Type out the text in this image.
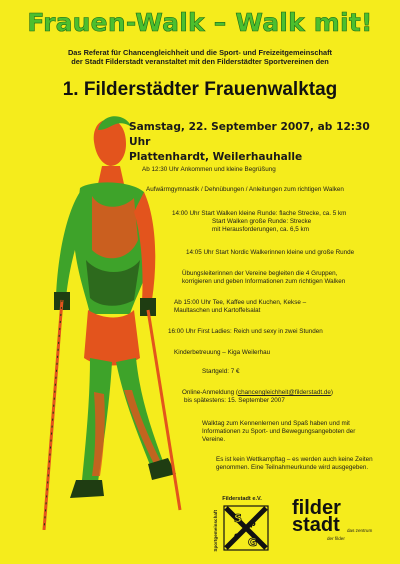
Frauen-Walk – Walk mit!
Das Referat für Chancengleichheit und die Sport- und Freizeitgemeinschaft
der Stadt Filderstadt veranstaltet mit den Filderstädter Sportvereinen den
1. Filderstädter Frauenwalktag
Samstag, 22. September 2007, ab 12:30 Uhr
Plattenhardt, Weilerhauhalle
Ab 12:30 Uhr Ankommen und kleine Begrüßung
Aufwärmgymnastik / Dehnübungen / Anleitungen zum richtigen Walken
14:00 Uhr Start Walken kleine Runde: flache Strecke, ca. 5 km
Start Walken große Runde: Strecke
mit Herausforderungen, ca. 6,5 km
14:05 Uhr Start Nordic Walkerinnen kleine und große Runde
Übungsleiterinnen der Vereine begleiten die 4 Gruppen,
korrigieren und geben Informationen zum richtigen Walken
Ab 15:00 Uhr Tee, Kaffee und Kuchen, Kekse –
Maultaschen und Kartoffelsalat
16:00 Uhr First Ladies: Reich und sexy in zwei Stunden
Kinderbetreuung – Kiga Weilerhau
Startgeld: 7 €
Online-Anmeldung (chancengleichheit@filderstadt.de)
bis spätestens: 15. September 2007
Walktag zum Kennenlernen und Spaß haben und mit
Informationen zu Sport- und Bewegungsangeboten der
Vereine.
Es ist kein Wettkampftag – es werden auch keine Zeiten
genommen. Eine Teilnahmeurkunde wird ausgegeben.
Filderstadt e.V.
Sportgemeinschaft S p
o
G e
filder
stadt das zentrum
der filder
